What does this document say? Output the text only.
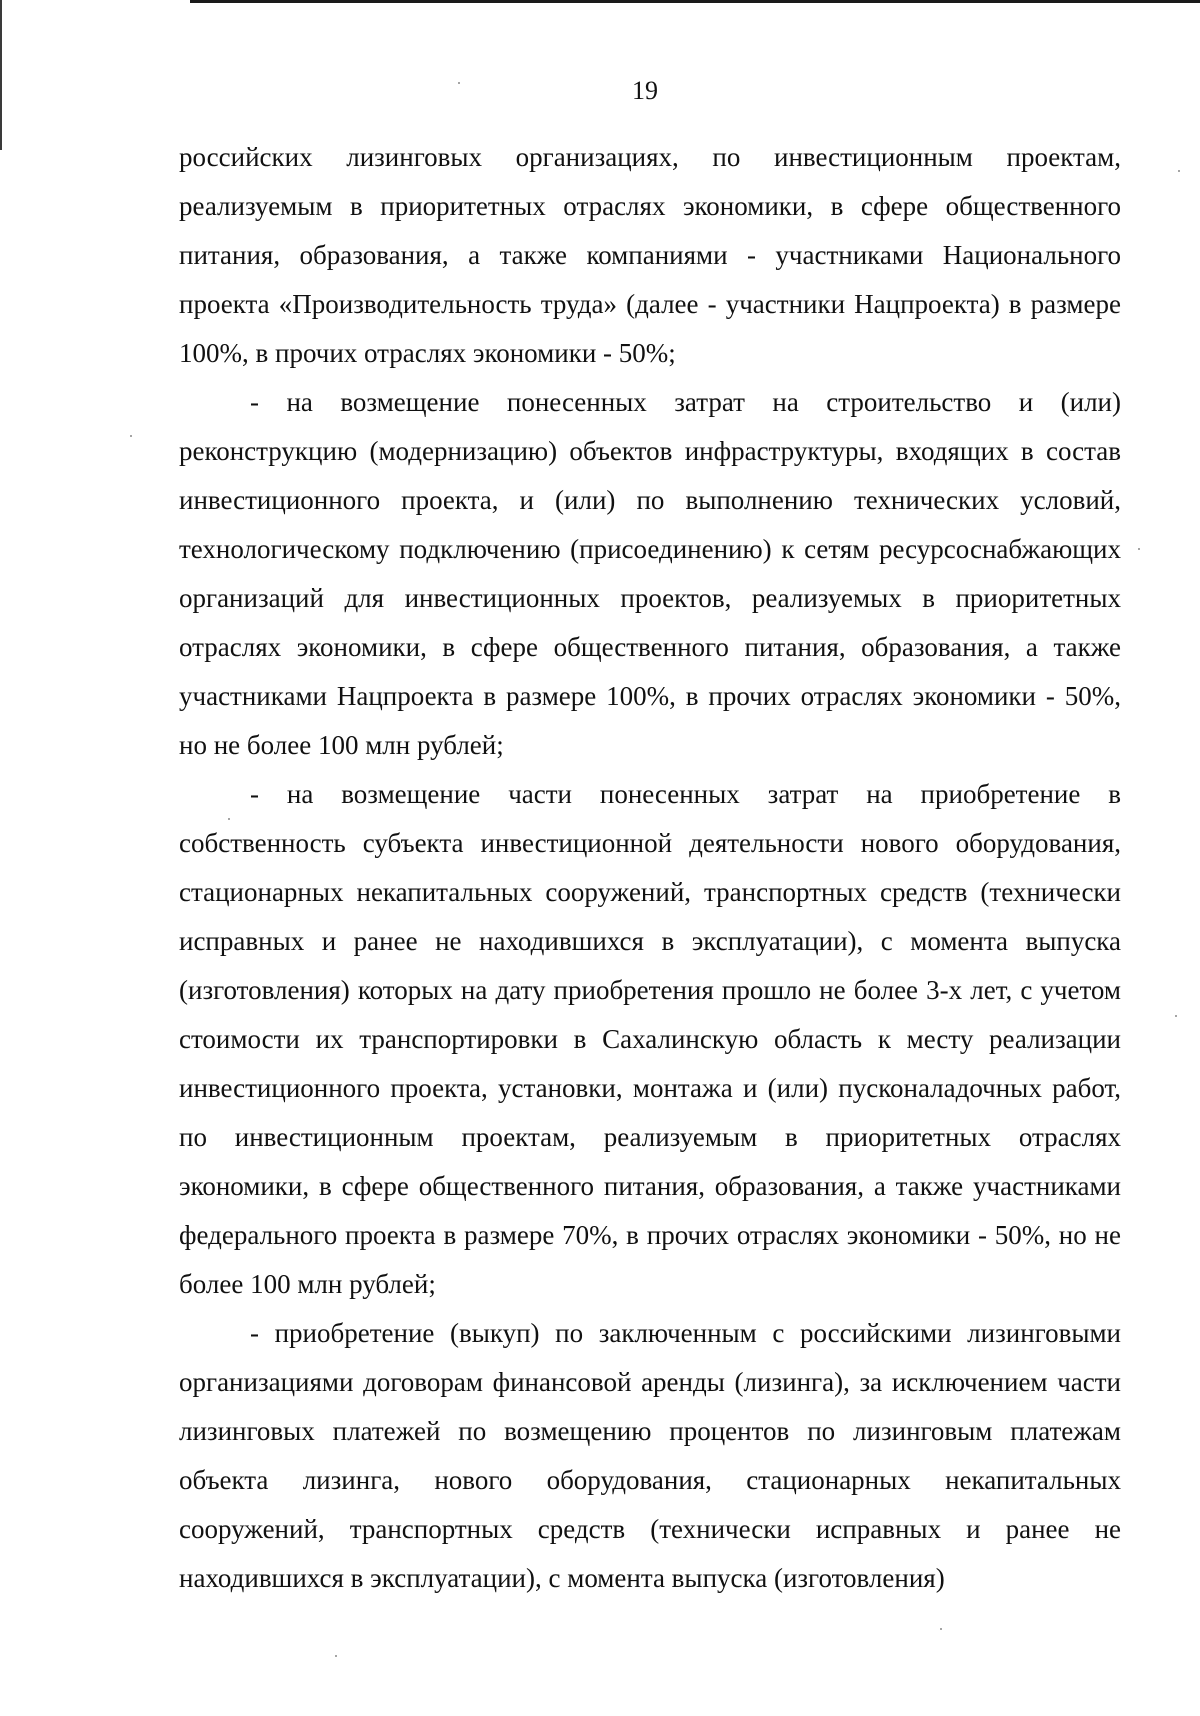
19

российских лизинговых организациях, по инвестиционным проектам, реализуемым в приоритетных отраслях экономики, в сфере общественного питания, образования, а также компаниями - участниками Национального проекта «Производительность труда» (далее - участники Нацпроекта) в размере 100%, в прочих отраслях экономики - 50%;

- на возмещение понесенных затрат на строительство и (или) реконструкцию (модернизацию) объектов инфраструктуры, входящих в состав инвестиционного проекта, и (или) по выполнению технических условий, технологическому подключению (присоединению) к сетям ресурсоснабжающих организаций для инвестиционных проектов, реализуемых в приоритетных отраслях экономики, в сфере общественного питания, образования, а также участниками Нацпроекта в размере 100%, в прочих отраслях экономики - 50%, но не более 100 млн рублей;

- на возмещение части понесенных затрат на приобретение в собственность субъекта инвестиционной деятельности нового оборудования, стационарных некапитальных сооружений, транспортных средств (технически исправных и ранее не находившихся в эксплуатации), с момента выпуска (изготовления) которых на дату приобретения прошло не более 3-х лет, с учетом стоимости их транспортировки в Сахалинскую область к месту реализации инвестиционного проекта, установки, монтажа и (или) пусконаладочных работ, по инвестиционным проектам, реализуемым в приоритетных отраслях экономики, в сфере общественного питания, образования, а также участниками федерального проекта в размере 70%, в прочих отраслях экономики - 50%, но не более 100 млн рублей;

- приобретение (выкуп) по заключенным с российскими лизинговыми организациями договорам финансовой аренды (лизинга), за исключением части лизинговых платежей по возмещению процентов по лизинговым платежам объекта лизинга, нового оборудования, стационарных некапитальных сооружений, транспортных средств (технически исправных и ранее не находившихся в эксплуатации), с момента выпуска (изготовления)
